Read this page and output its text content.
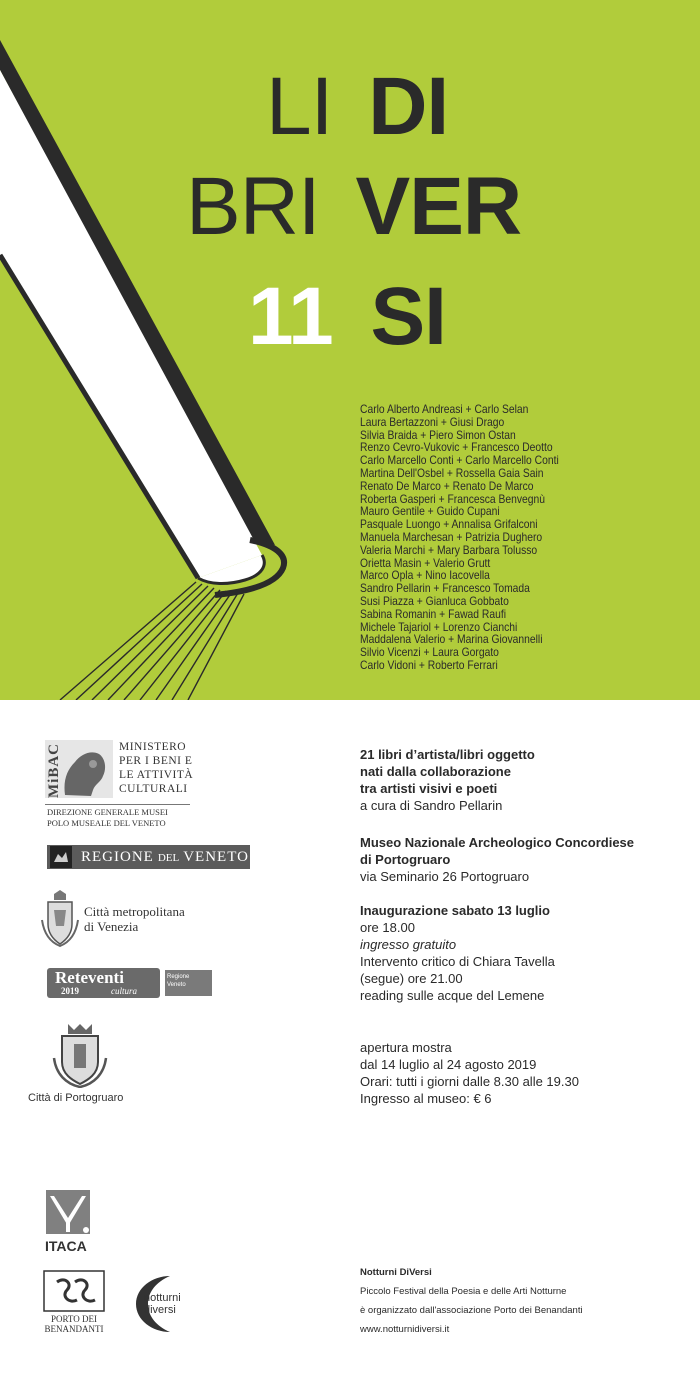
LI DI
BRI VER
11 SI
Carlo Alberto Andreasi + Carlo Selan
Laura Bertazzoni + Giusi Drago
Silvia Braida + Piero Simon Ostan
Renzo Cevro-Vukovic + Francesco Deotto
Carlo Marcello Conti + Carlo Marcello Conti
Martina Dell'Osbel + Rossella Gaia Sain
Renato De Marco + Renato De Marco
Roberta Gasperi + Francesca Benvegnù
Mauro Gentile + Guido Cupani
Pasquale Luongo + Annalisa Grifalconi
Manuela Marchesan + Patrizia Dughero
Valeria Marchi + Mary Barbara Tolusso
Orietta Masin + Valerio Grutt
Marco Opla + Nino Iacovella
Sandro Pellarin + Francesco Tomada
Susi Piazza + Gianluca Gobbato
Sabina Romanin + Fawad Raufi
Michele Tajariol + Lorenzo Cianchi
Maddalena Valerio + Marina Giovannelli
Silvio Vicenzi + Laura Gorgato
Carlo Vidoni + Roberto Ferrari
MiBAC	MINISTERO
PER I BENI E
LE ATTIVITÀ
CULTURALI
DIREZIONE GENERALE MUSEI
POLO MUSEALE DEL VENETO
REGIONE DEL VENETO
Città metropolitana
di Venezia
Reteventi
2019	cultura
Regione
Veneto
Città di Portogruaro
ITACA
PORTO DEI
BENANDANTI
notturni
diversi
21 libri d’artista/libri oggetto
nati dalla collaborazione
tra artisti visivi e poeti
a cura di Sandro Pellarin
Museo Nazionale Archeologico Concordiese
di Portogruaro
via Seminario 26 Portogruaro
Inaugurazione sabato 13 luglio
ore 18.00
ingresso gratuito
Intervento critico di Chiara Tavella
(segue) ore 21.00
reading sulle acque del Lemene
apertura mostra
dal 14 luglio al 24 agosto 2019
Orari: tutti i giorni dalle 8.30 alle 19.30
Ingresso al museo: € 6
Notturni DiVersi
Piccolo Festival della Poesia e delle Arti Notturne
è organizzato dall'associazione Porto dei Benandanti
www.notturnidiversi.it
